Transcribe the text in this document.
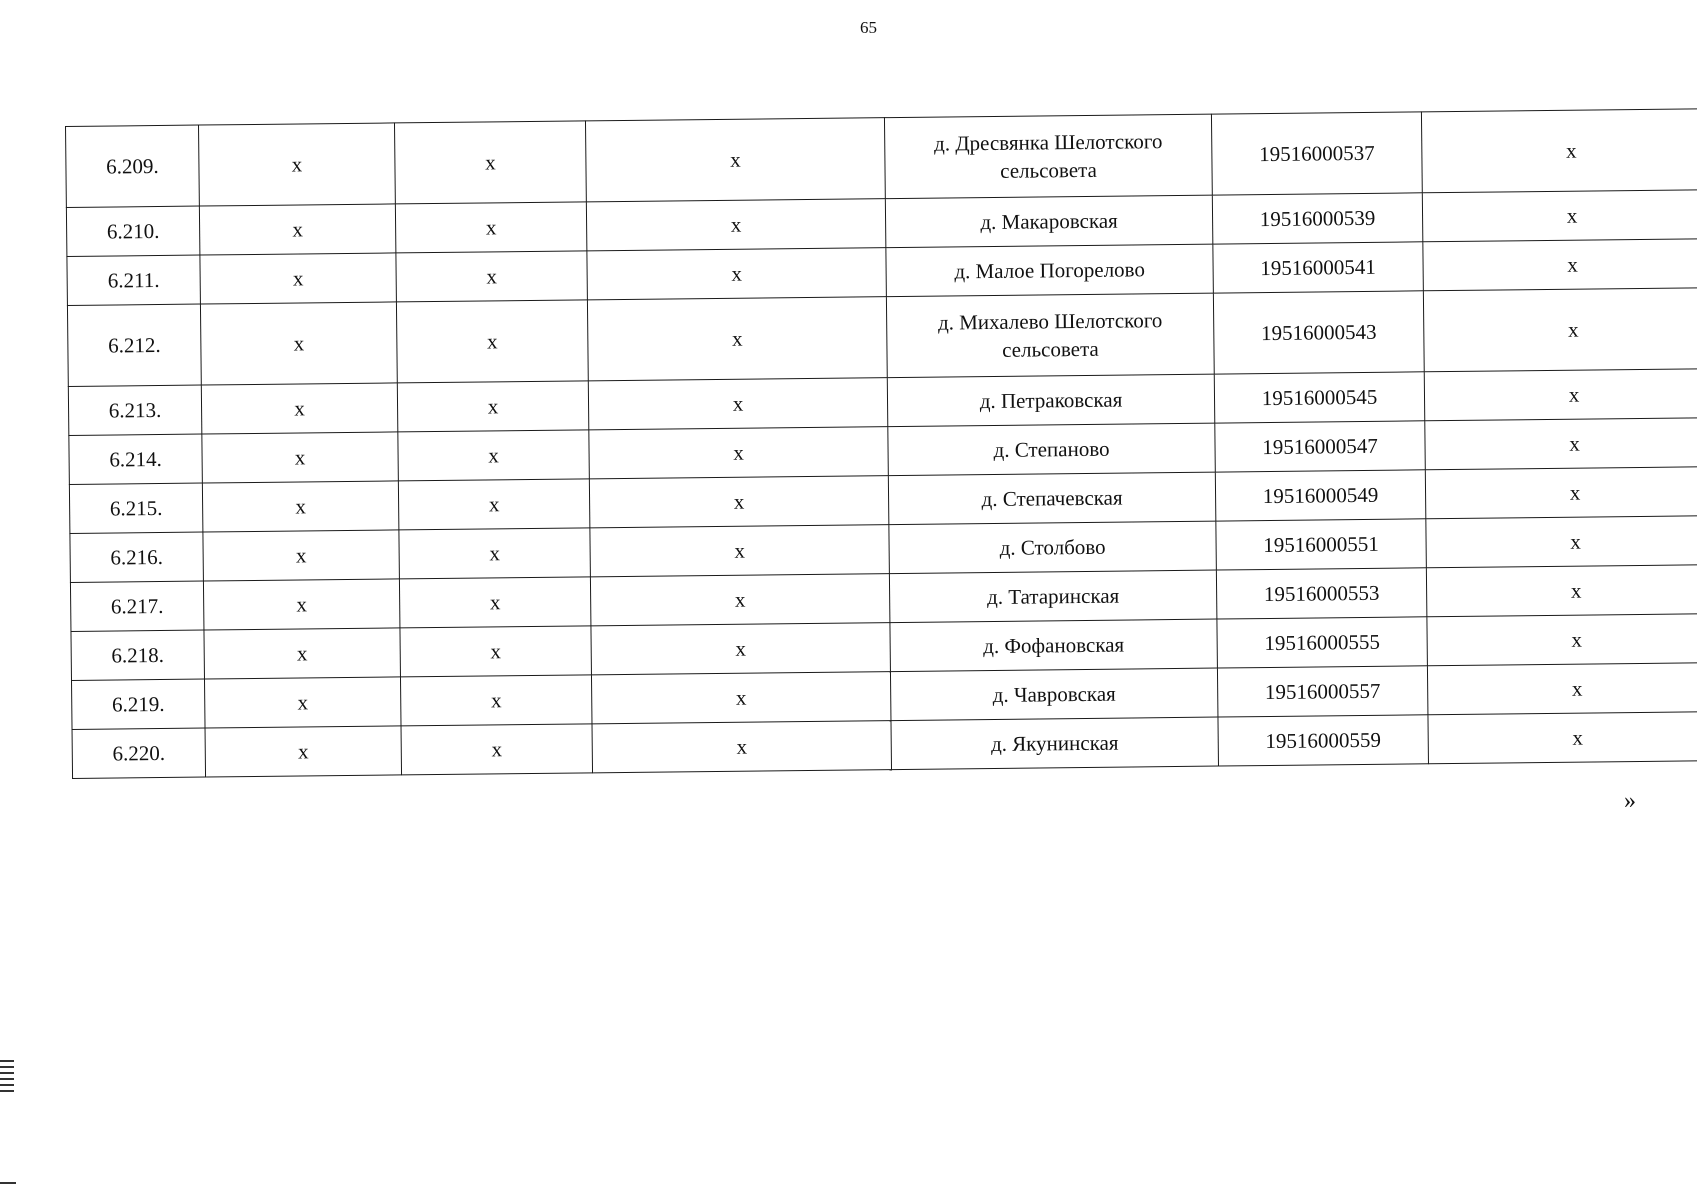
65
6.209.	х	х	х	д. Дресвянка Шелотского сельсовета	19516000537	х
6.210.	х	х	х	д. Макаровская	19516000539	х
6.211.	х	х	х	д. Малое Погорелово	19516000541	х
6.212.	х	х	х	д. Михалево Шелотского сельсовета	19516000543	х
6.213.	х	х	х	д. Петраковская	19516000545	х
6.214.	х	х	х	д. Степаново	19516000547	х
6.215.	х	х	х	д. Степачевская	19516000549	х
6.216.	х	х	х	д. Столбово	19516000551	х
6.217.	х	х	х	д. Татаринская	19516000553	х
6.218.	х	х	х	д. Фофановская	19516000555	х
6.219.	х	х	х	д. Чавровская	19516000557	х
6.220.	х	х	х	д. Якунинская	19516000559	х
»
